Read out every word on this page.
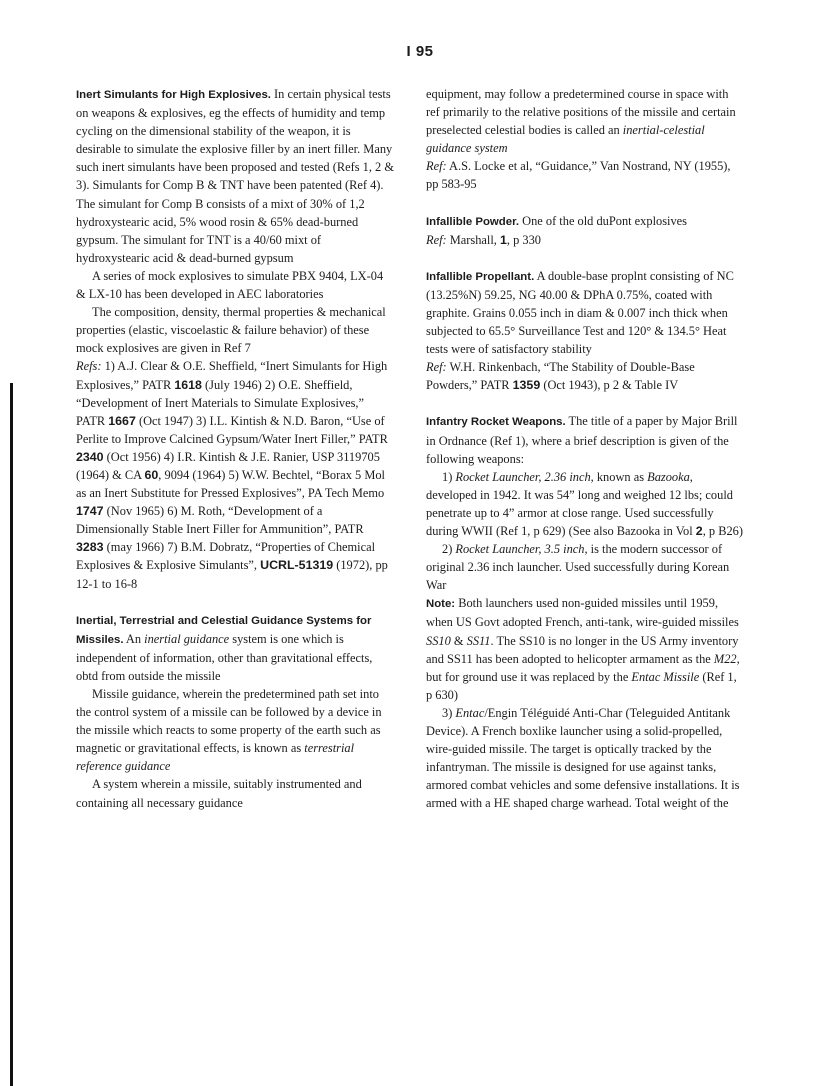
I 95

Inert Simulants for High Explosives. In certain physical tests on weapons & explosives, eg the effects of humidity and temp cycling on the dimensional stability of the weapon, it is desirable to simulate the explosive filler by an inert filler. Many such inert simulants have been proposed and tested (Refs 1, 2 & 3). Simulants for Comp B & TNT have been patented (Ref 4). The simulant for Comp B consists of a mixt of 30% of 1,2 hydroxystearic acid, 5% wood rosin & 65% dead-burned gypsum. The simulant for TNT is a 40/60 mixt of hydroxystearic acid & dead-burned gypsum

A series of mock explosives to simulate PBX 9404, LX-04 & LX-10 has been developed in AEC laboratories

The composition, density, thermal properties & mechanical properties (elastic, viscoelastic & failure behavior) of these mock explosives are given in Ref 7

Refs: 1) A.J. Clear & O.E. Sheffield, “Inert Simulants for High Explosives,” PATR 1618 (July 1946) 2) O.E. Sheffield, “Development of Inert Materials to Simulate Explosives,” PATR 1667 (Oct 1947) 3) I.L. Kintish & N.D. Baron, “Use of Perlite to Improve Calcined Gypsum/Water Inert Filler,” PATR 2340 (Oct 1956) 4) I.R. Kintish & J.E. Ranier, USP 3119705 (1964) & CA 60, 9094 (1964) 5) W.W. Bechtel, “Borax 5 Mol as an Inert Substitute for Pressed Explosives”, PA Tech Memo 1747 (Nov 1965) 6) M. Roth, “Development of a Dimensionally Stable Inert Filler for Ammunition”, PATR 3283 (may 1966) 7) B.M. Dobratz, “Properties of Chemical Explosives & Explosive Simulants”, UCRL-51319 (1972), pp 12-1 to 16-8

Inertial, Terrestrial and Celestial Guidance Systems for Missiles. An inertial guidance system is one which is independent of information, other than gravitational effects, obtd from outside the missile

Missile guidance, wherein the predetermined path set into the control system of a missile can be followed by a device in the missile which reacts to some property of the earth such as magnetic or gravitational effects, is known as terrestrial reference guidance

A system wherein a missile, suitably instrumented and containing all necessary guidance

equipment, may follow a predetermined course in space with ref primarily to the relative positions of the missile and certain preselected celestial bodies is called an inertial-celestial guidance system

Ref: A.S. Locke et al, “Guidance,” Van Nostrand, NY (1955), pp 583-95

Infallible Powder. One of the old duPont explosives

Ref: Marshall, 1, p 330

Infallible Propellant. A double-base proplnt consisting of NC (13.25%N) 59.25, NG 40.00 & DPhA 0.75%, coated with graphite. Grains 0.055 inch in diam & 0.007 inch thick when subjected to 65.5° Surveillance Test and 120° & 134.5° Heat tests were of satisfactory stability

Ref: W.H. Rinkenbach, “The Stability of Double-Base Powders,” PATR 1359 (Oct 1943), p 2 & Table IV

Infantry Rocket Weapons. The title of a paper by Major Brill in Ordnance (Ref 1), where a brief description is given of the following weapons:

1) Rocket Launcher, 2.36 inch, known as Bazooka, developed in 1942. It was 54” long and weighed 12 lbs; could penetrate up to 4” armor at close range. Used successfully during WWII (Ref 1, p 629) (See also Bazooka in Vol 2, p B26)

2) Rocket Launcher, 3.5 inch, is the modern successor of original 2.36 inch launcher. Used successfully during Korean War

Note: Both launchers used non-guided missiles until 1959, when US Govt adopted French, anti-tank, wire-guided missiles SS10 & SS11. The SS10 is no longer in the US Army inventory and SS11 has been adopted to helicopter armament as the M22, but for ground use it was replaced by the Entac Missile (Ref 1, p 630)

3) Entac/Engin Téléguidé Anti-Char (Teleguided Antitank Device). A French boxlike launcher using a solid-propelled, wire-guided missile. The target is optically tracked by the infantryman. The missile is designed for use against tanks, armored combat vehicles and some defensive installations. It is armed with a HE shaped charge warhead. Total weight of the
